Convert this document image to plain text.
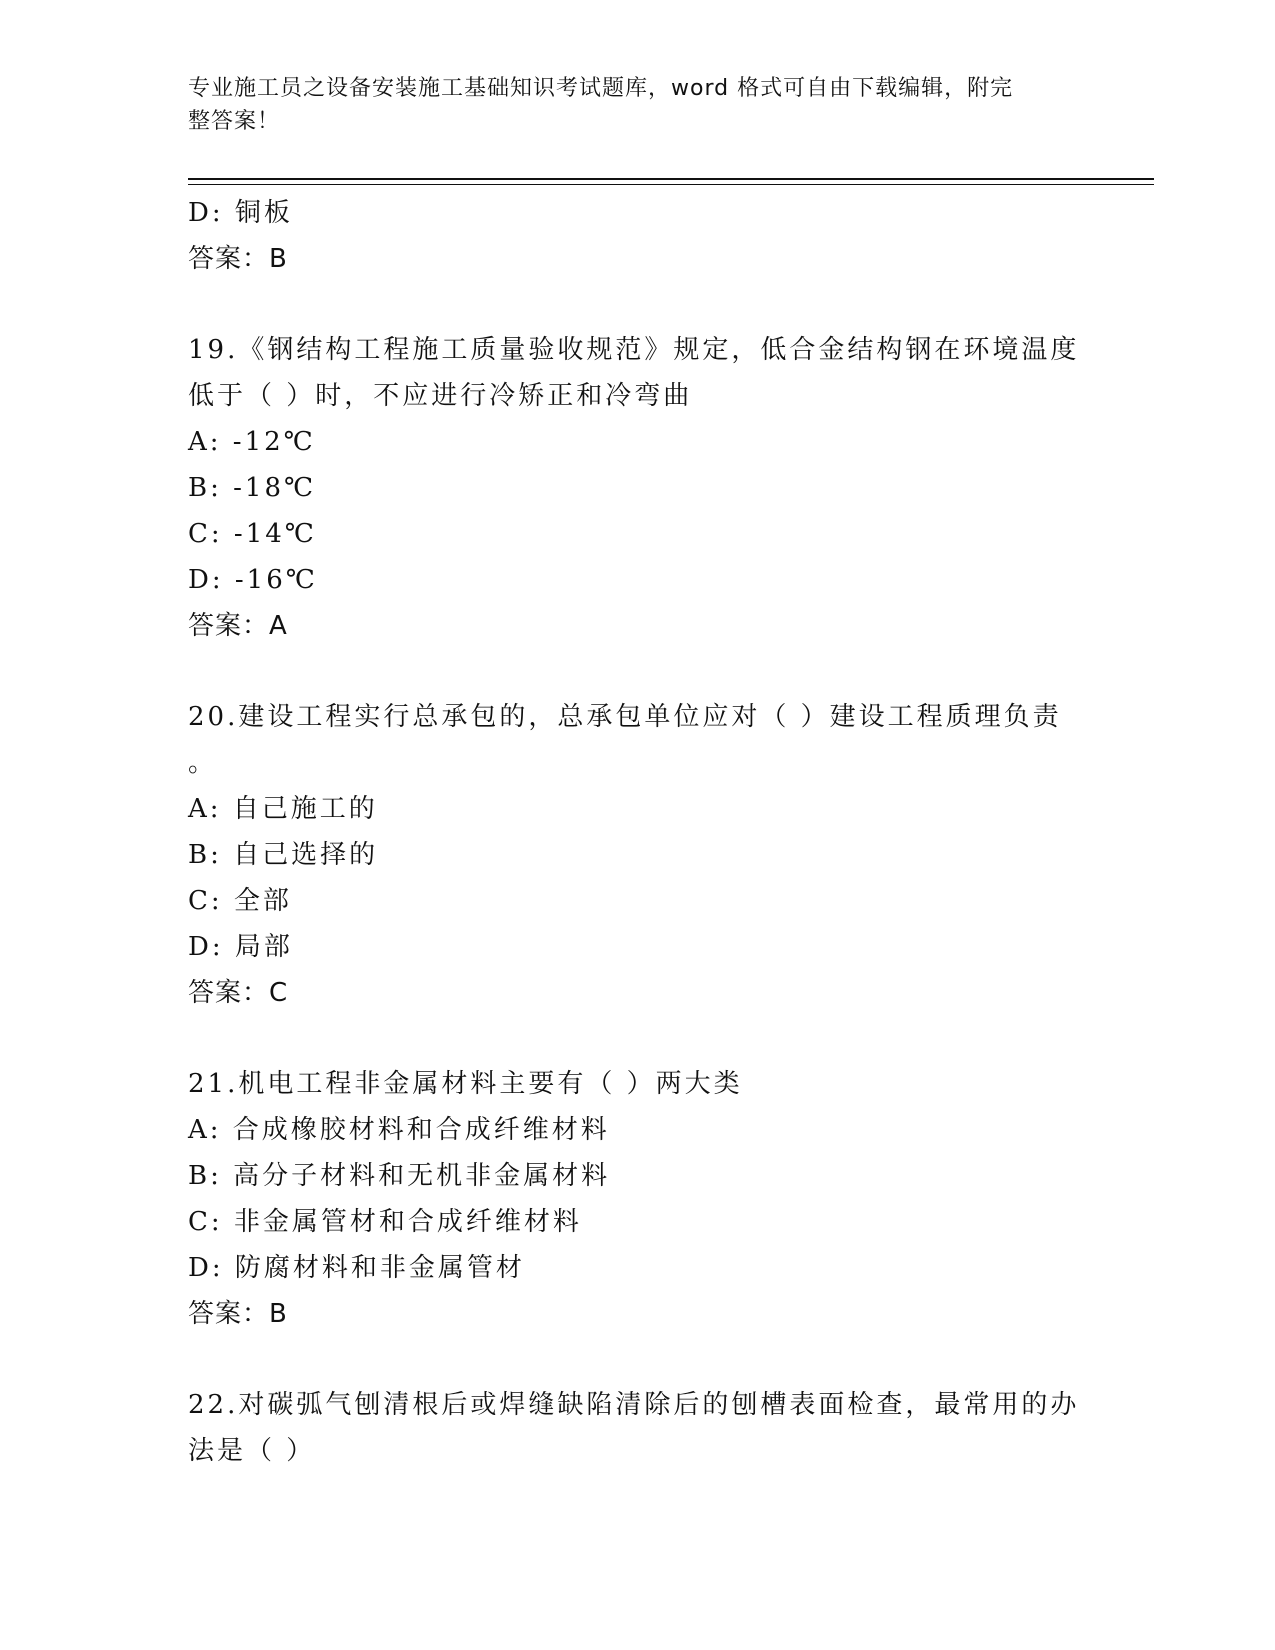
专业施工员之设备安装施工基础知识考试题库，word 格式可自由下载编辑，附完
整答案！
D: 铜板
答案：B
19.《钢结构工程施工质量验收规范》规定，低合金结构钢在环境温度
低于（ ）时，不应进行冷矫正和冷弯曲
A: -12℃
B: -18℃
C: -14℃
D: -16℃
答案：A
20.建设工程实行总承包的，总承包单位应对（ ）建设工程质理负责
。
A: 自己施工的
B: 自己选择的
C: 全部
D: 局部
答案：C
21.机电工程非金属材料主要有（ ）两大类
A: 合成橡胶材料和合成纤维材料
B: 高分子材料和无机非金属材料
C: 非金属管材和合成纤维材料
D: 防腐材料和非金属管材
答案：B
22.对碳弧气刨清根后或焊缝缺陷清除后的刨槽表面检查，最常用的办
法是（ ）
